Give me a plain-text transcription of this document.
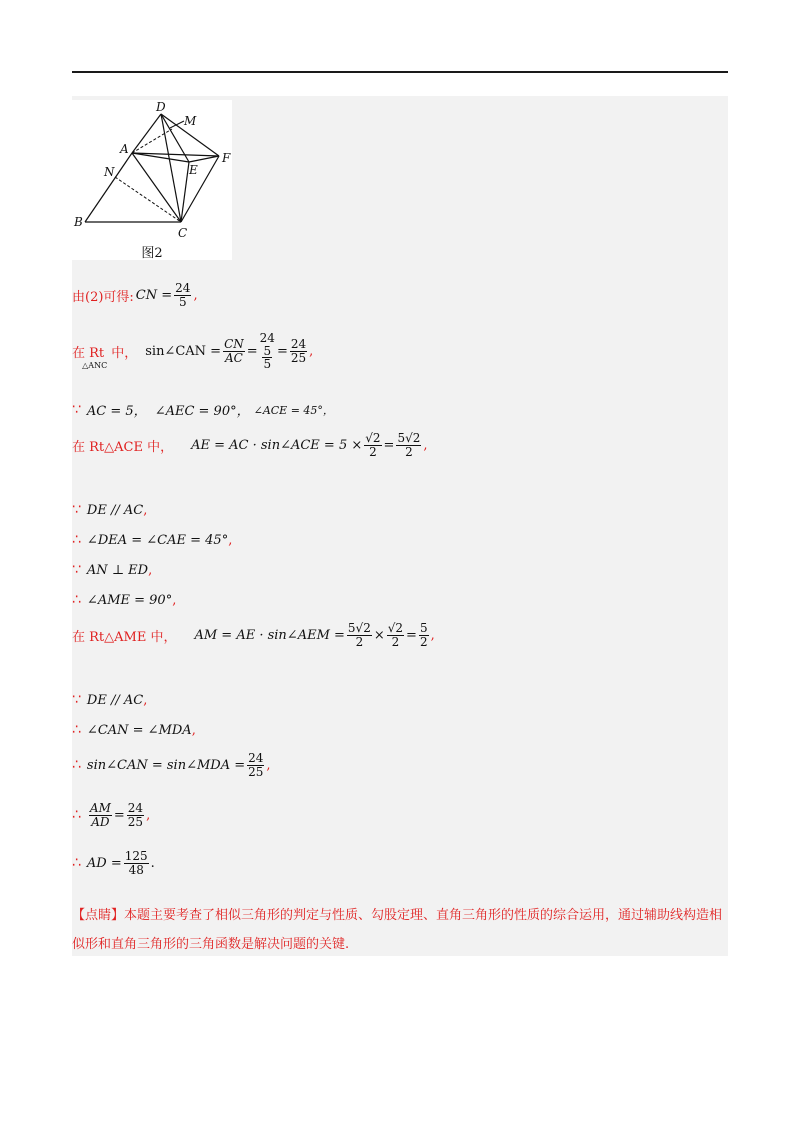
D
M
A
F
N	E
B
C
图2
由(2)可得: CN = $\frac{24}{5}$ ,
在 Rt
△ANC
中， sin∠CAN = $\frac{CN}{AC}$ =
24
5
5
= $\frac{24}{25}$ ,
∵ AC = 5， ∠AEC = 90°， ∠ACE = 45°，
在 Rt△ACE 中， AE = AC · sin∠ACE = $5 \times \frac{√2}{2} = \frac{5√2}{2}$ ,
∵ DE // AC ,
∴ ∠DEA = ∠CAE = 45° ,
∵ AN ⊥ ED ,
∴ ∠AME = 90° ,
在 Rt△AME 中， AM = AE · sin∠AEM = $\frac{5√2}{2} \times \frac{√2}{2} = \frac{5}{2}$ ,
∵ DE // AC ,
∴ ∠CAN = ∠MDA ,
∴ sin∠CAN = sin∠MDA = $\frac{24}{25}$ ,
∴ $\frac{AM}{AD} = \frac{24}{25}$ ,
∴ AD = $\frac{125}{48}$ .
【点睛】本题主要考查了相似三角形的判定与性质、勾股定理、直角三角形的性质的综合运用，通过辅助线构造相似形和直角三角形的三角函数是解决问题的关键.
